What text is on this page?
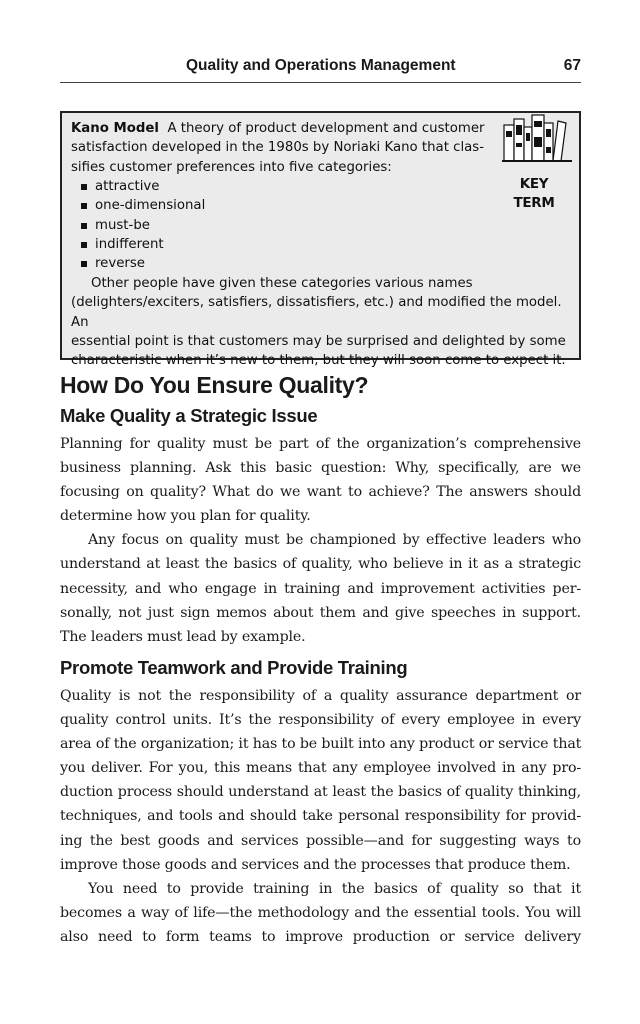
Quality and Operations Management	67
Kano Model A theory of product development and customer
satisfaction developed in the 1980s by Noriaki Kano that clas-
sifies customer preferences into five categories:
attractive
one-dimensional
must-be
indifferent
reverse
Other people have given these categories various names
(delighters/exciters, satisfiers, dissatisfiers, etc.) and modified the model. An
essential point is that customers may be surprised and delighted by some
characteristic when it’s new to them, but they will soon come to expect it.
KEY TERM
How Do You Ensure Quality?
Make Quality a Strategic Issue
Planning for quality must be part of the organization’s comprehensive
business planning. Ask this basic question: Why, specifically, are we
focusing on quality? What do we want to achieve? The answers should
determine how you plan for quality.
Any focus on quality must be championed by effective leaders who
understand at least the basics of quality, who believe in it as a strategic
necessity, and who engage in training and improvement activities per-
sonally, not just sign memos about them and give speeches in support.
The leaders must lead by example.
Promote Teamwork and Provide Training
Quality is not the responsibility of a quality assurance department or
quality control units. It’s the responsibility of every employee in every
area of the organization; it has to be built into any product or service that
you deliver. For you, this means that any employee involved in any pro-
duction process should understand at least the basics of quality thinking,
techniques, and tools and should take personal responsibility for provid-
ing the best goods and services possible—and for suggesting ways to
improve those goods and services and the processes that produce them.
You need to provide training in the basics of quality so that it
becomes a way of life—the methodology and the essential tools. You will
also need to form teams to improve production or service delivery
